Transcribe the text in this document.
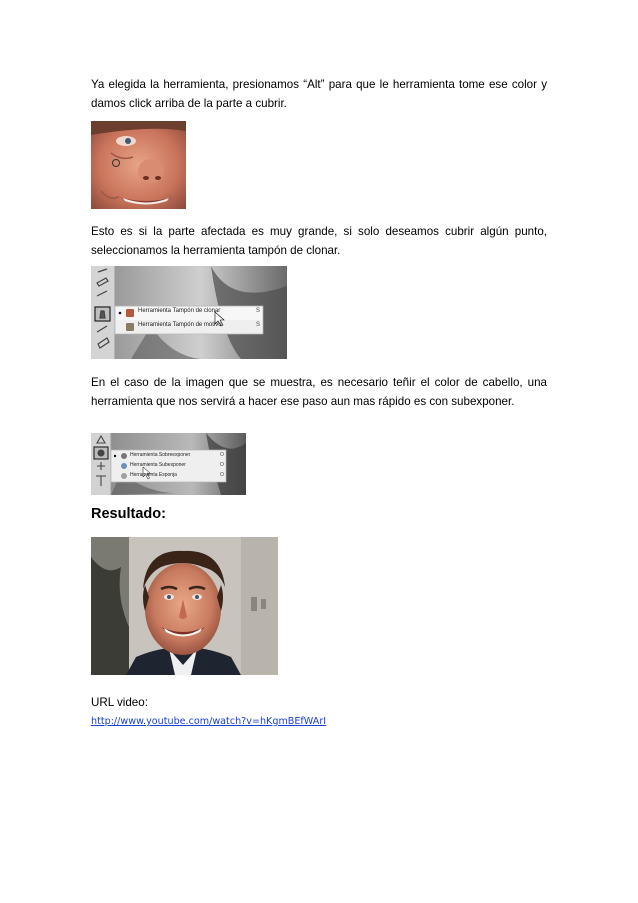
Ya elegida la herramienta, presionamos “Alt” para que le herramienta tome ese color y damos click arriba de la parte a cubrir.

Esto es si la parte afectada es muy grande, si solo deseamos cubrir algún punto, seleccionamos la herramienta tampón de clonar.

Herramienta Tampón de clonar	S
Herramienta Tampón de motivo	S

En el caso de la imagen que se muestra, es necesario teñir el color de cabello, una herramienta que nos servirá a hacer ese paso aun mas rápido es con subexponer.

Herramienta Sobreexponer	O
Herramienta Subexponer	O
Herramienta Esponja	O
Resultado:

URL video:

http://www.youtube.com/watch?v=hKgmBEfWArI
